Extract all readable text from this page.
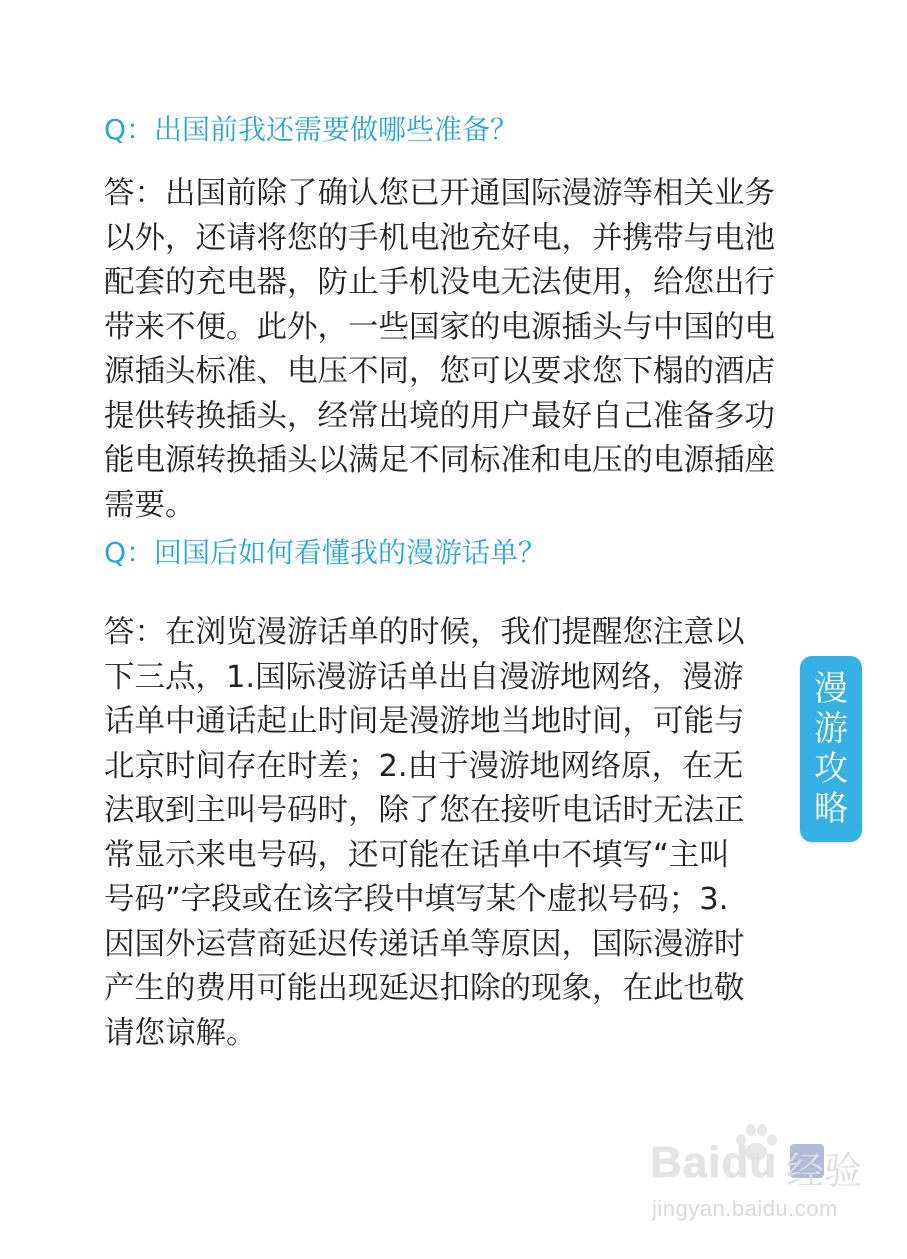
Q：出国前我还需要做哪些准备？

答：出国前除了确认您已开通国际漫游等相关业务以外，还请将您的手机电池充好电，并携带与电池配套的充电器，防止手机没电无法使用，给您出行带来不便。此外，一些国家的电源插头与中国的电源插头标准、电压不同，您可以要求您下榻的酒店提供转换插头，经常出境的用户最好自己准备多功能电源转换插头以满足不同标准和电压的电源插座需要。

Q：回国后如何看懂我的漫游话单？

答：在浏览漫游话单的时候，我们提醒您注意以下三点，1.国际漫游话单出自漫游地网络，漫游话单中通话起止时间是漫游地当地时间，可能与北京时间存在时差；2.由于漫游地网络原，在无法取到主叫号码时，除了您在接听电话时无法正常显示来电号码，还可能在话单中不填写“主叫号码”字段或在该字段中填写某个虚拟号码；3.因国外运营商延迟传递话单等原因，国际漫游时产生的费用可能出现延迟扣除的现象，在此也敬请您谅解。

漫
游
攻
略
Baidu 经验
jingyan.baidu.com
